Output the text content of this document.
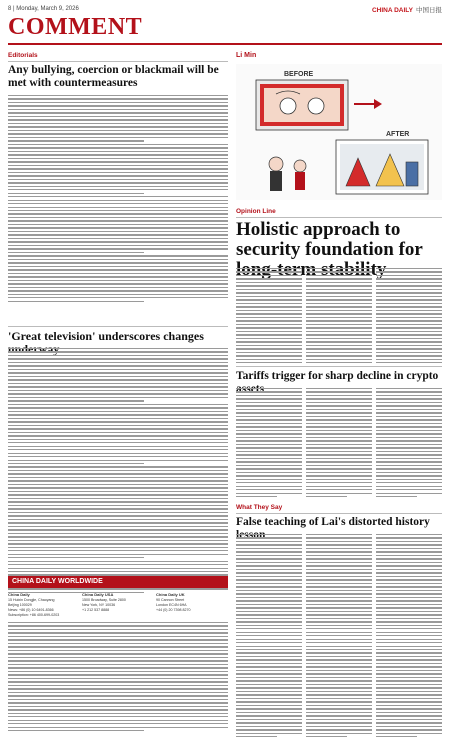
8 | Monday, March 9, 2026	CHINA DAILY 中国日报
COMMENT
Editorials
Any bullying, coercion or blackmail will be met with countermeasures
'Great television' underscores changes
CHINA DAILY WORLDWIDE
China Daily
15 Huixin Dongjie, Chaoyang
Beijing 100029
News: +86 (0) 10 6491-8366
Subscription: +86 400-699-0203
China Daily USA
1500 Broadway, Suite 2800
New York, NY 10036
+1 212 537 8888
China Daily UK
90 Cannon Street
London EC4N 6HA
+44 (0) 20 7398 8270
Li Min
BEFORE
AFTER
Opinion Line
Holistic approach to security foundation for
Tariffs trigger for sharp decline in crypto
What They Say
False teaching of Lai's distorted history
